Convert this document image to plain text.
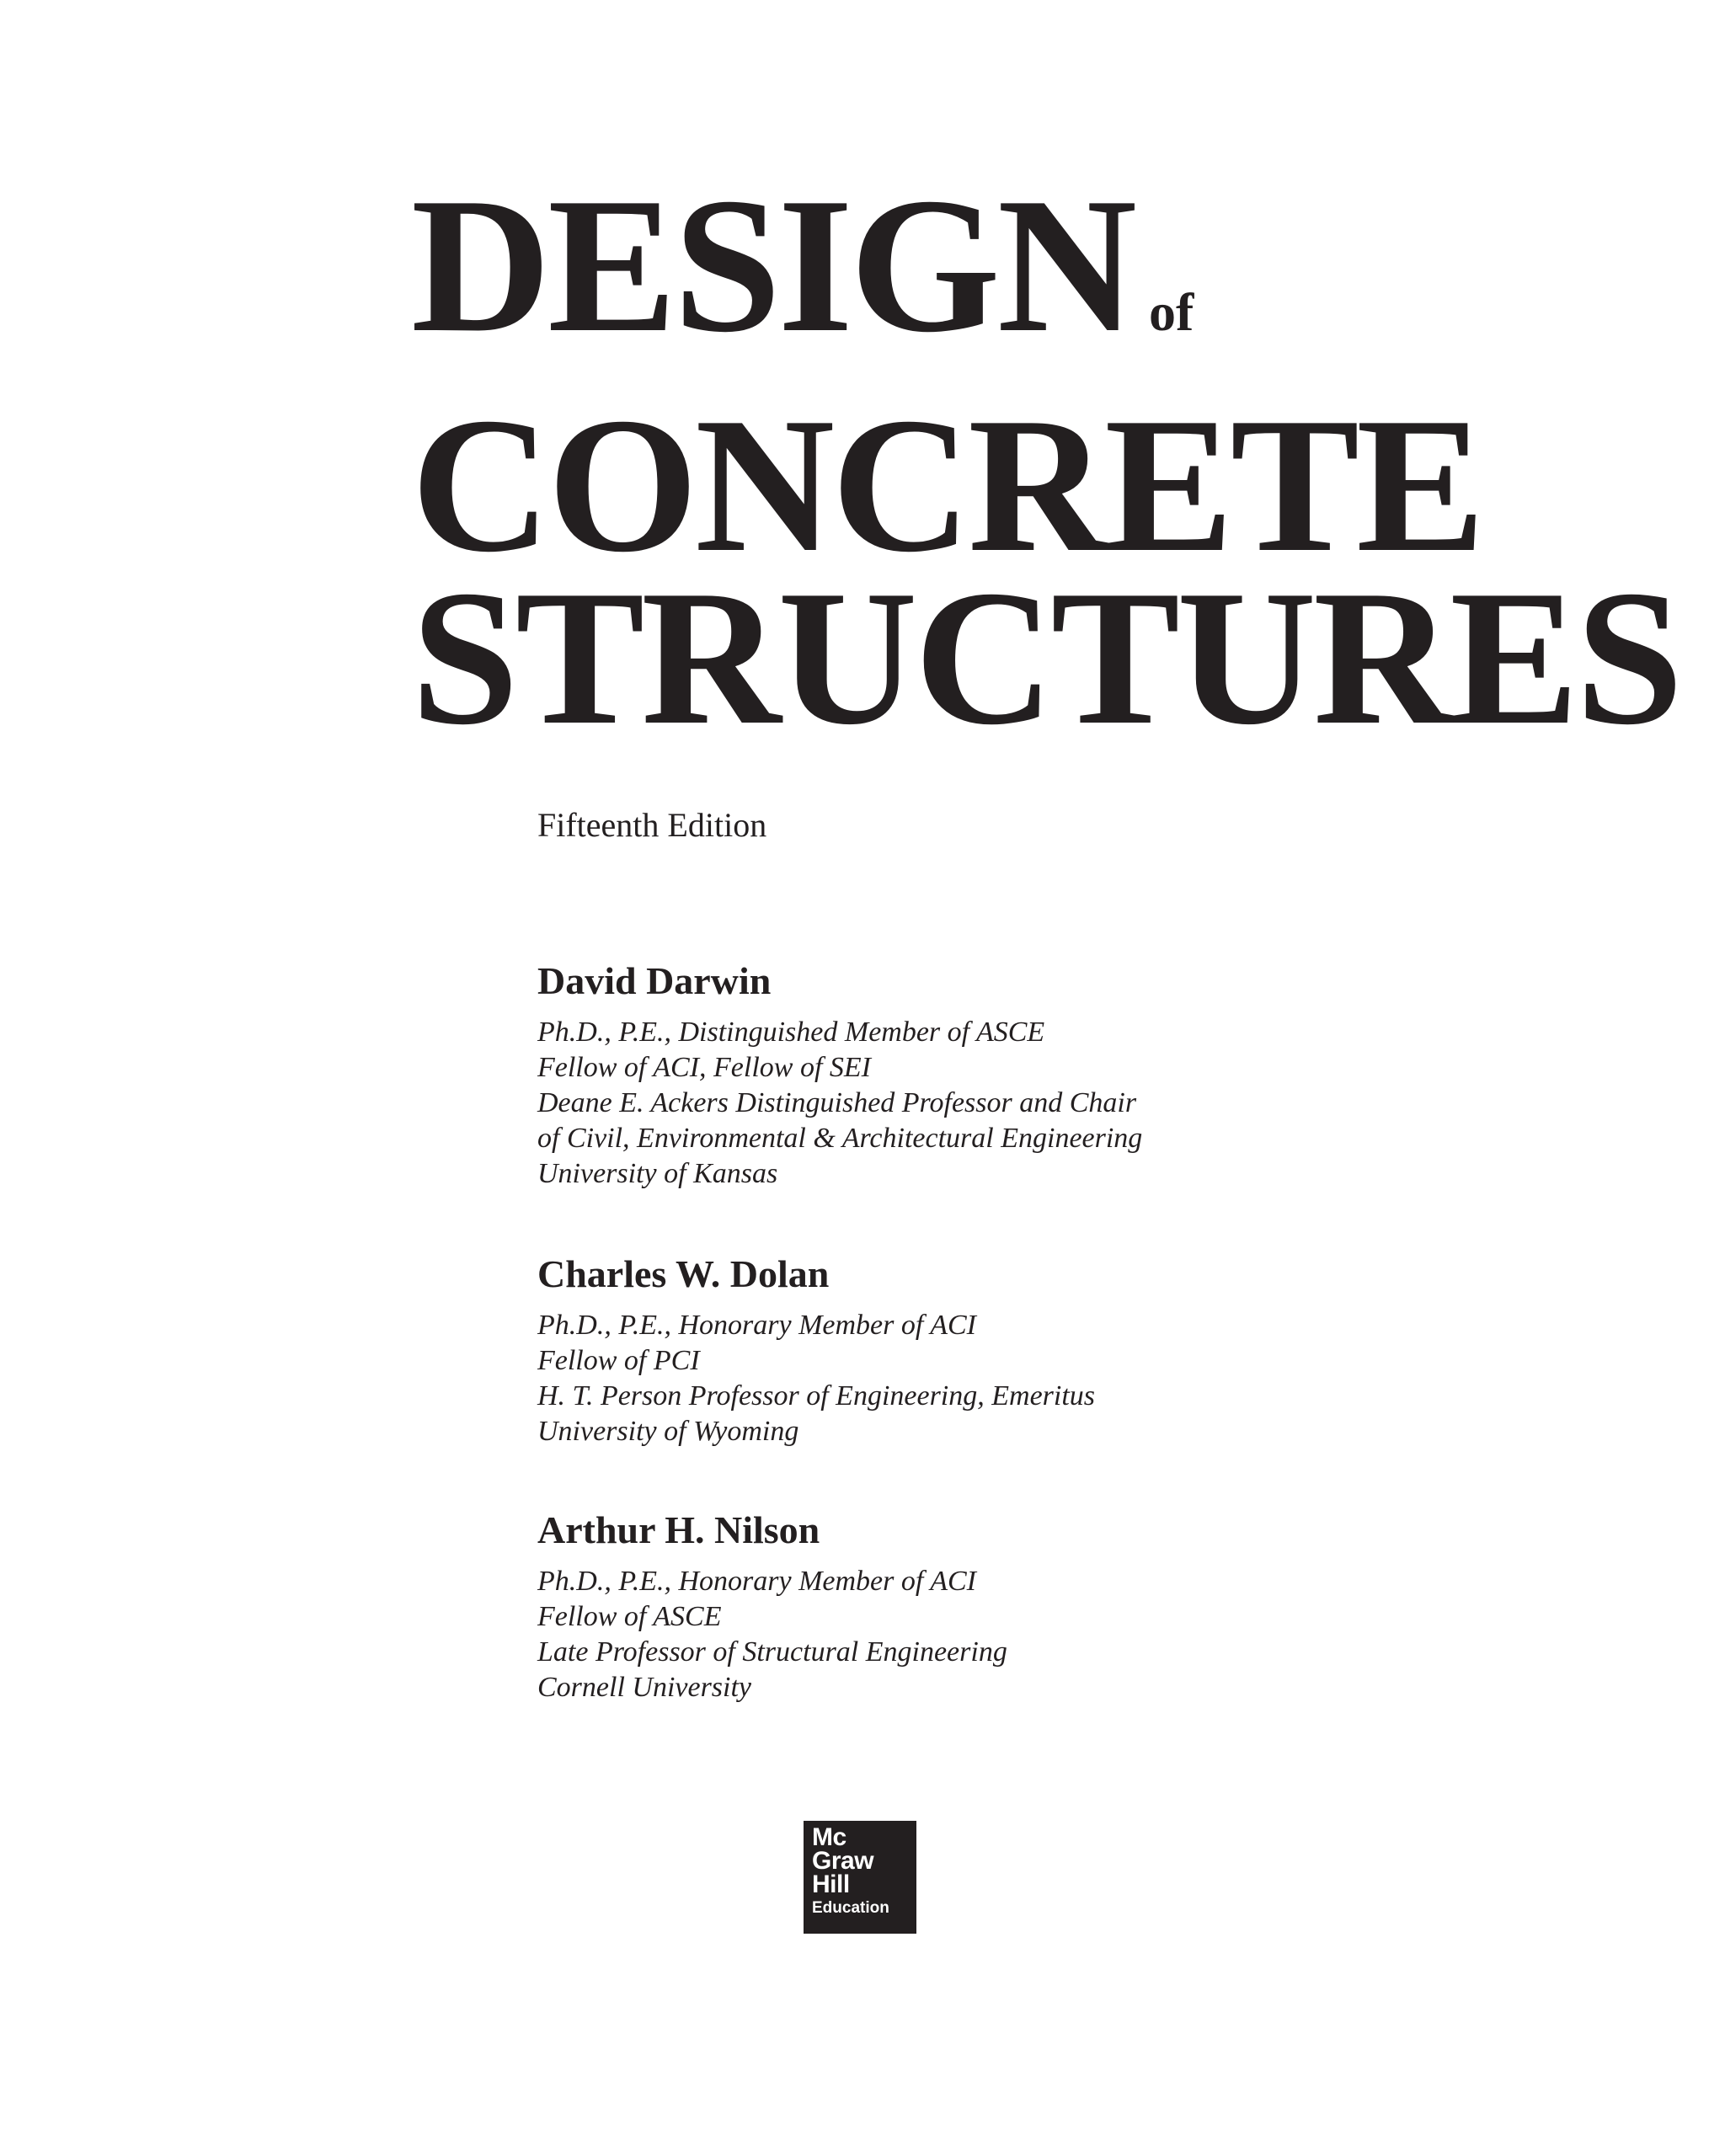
DESIGN of
CONCRETE
STRUCTURES

Fifteenth Edition

David Darwin

Ph.D., P.E., Distinguished Member of ASCE
Fellow of ACI, Fellow of SEI
Deane E. Ackers Distinguished Professor and Chair
of Civil, Environmental & Architectural Engineering
University of Kansas

Charles W. Dolan

Ph.D., P.E., Honorary Member of ACI
Fellow of PCI
H. T. Person Professor of Engineering, Emeritus
University of Wyoming

Arthur H. Nilson

Ph.D., P.E., Honorary Member of ACI
Fellow of ASCE
Late Professor of Structural Engineering
Cornell University
Mc
Graw
Hill
Education
